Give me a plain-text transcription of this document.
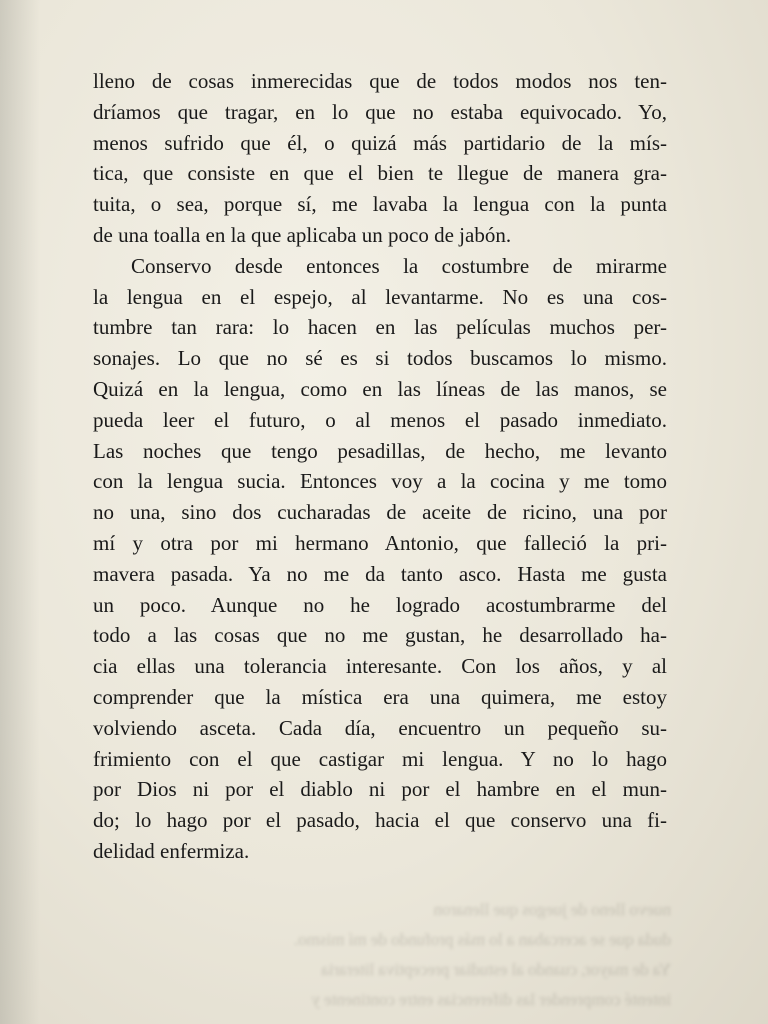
nuevo lleno de juegos que llenaron
duda que se acercaban a lo más profundo de mí mismo.
Ya de mayor, cuando al estudiar preceptiva literaria
intenté comprender las diferencias entre continente y
lleno de cosas inmerecidas que de todos modos nos ten-
dríamos que tragar, en lo que no estaba equivocado. Yo,
menos sufrido que él, o quizá más partidario de la mís-
tica, que consiste en que el bien te llegue de manera gra-
tuita, o sea, porque sí, me lavaba la lengua con la punta
de una toalla en la que aplicaba un poco de jabón.
Conservo desde entonces la costumbre de mirarme
la lengua en el espejo, al levantarme. No es una cos-
tumbre tan rara: lo hacen en las películas muchos per-
sonajes. Lo que no sé es si todos buscamos lo mismo.
Quizá en la lengua, como en las líneas de las manos, se
pueda leer el futuro, o al menos el pasado inmediato.
Las noches que tengo pesadillas, de hecho, me levanto
con la lengua sucia. Entonces voy a la cocina y me tomo
no una, sino dos cucharadas de aceite de ricino, una por
mí y otra por mi hermano Antonio, que falleció la pri-
mavera pasada. Ya no me da tanto asco. Hasta me gusta
un poco. Aunque no he logrado acostumbrarme del
todo a las cosas que no me gustan, he desarrollado ha-
cia ellas una tolerancia interesante. Con los años, y al
comprender que la mística era una quimera, me estoy
volviendo asceta. Cada día, encuentro un pequeño su-
frimiento con el que castigar mi lengua. Y no lo hago
por Dios ni por el diablo ni por el hambre en el mun-
do; lo hago por el pasado, hacia el que conservo una fi-
delidad enfermiza.
